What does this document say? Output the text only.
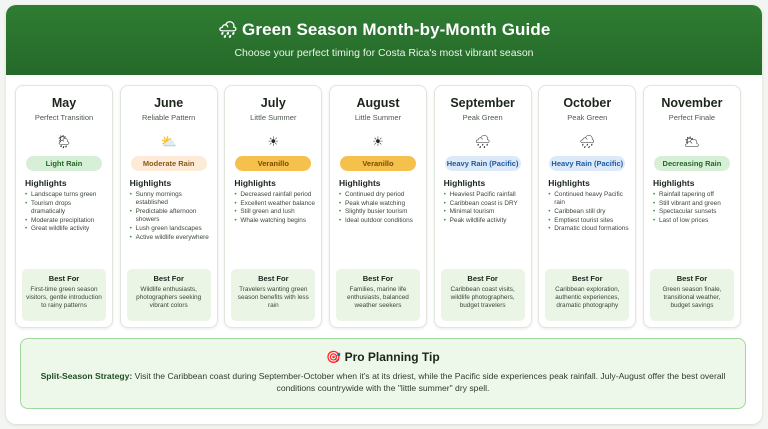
🌧 Green Season Month-by-Month Guide

Choose your perfect timing for Costa Rica's most vibrant season

May
Perfect Transition
🌦
Light Rain
Highlights
• Landscape turns green
• Tourism drops dramatically
• Moderate precipitation
• Great wildlife activity
Best For
First-time green season visitors, gentle introduction to rainy patterns
June
Reliable Pattern
⛅
Moderate Rain
Highlights
• Sunny mornings established
• Predictable afternoon showers
• Lush green landscapes
• Active wildlife everywhere
Best For
Wildlife enthusiasts, photographers seeking vibrant colors
July
Little Summer
☀
Veranillo
Highlights
• Decreased rainfall period
• Excellent weather balance
• Still green and lush
• Whale watching begins
Best For
Travelers wanting green season benefits with less rain
August
Little Summer
☀
Veranillo
Highlights
• Continued dry period
• Peak whale watching
• Slightly busier tourism
• Ideal outdoor conditions
Best For
Families, marine life enthusiasts, balanced weather seekers
September
Peak Green
🌧
Heavy Rain (Pacific)
Highlights
• Heaviest Pacific rainfall
• Caribbean coast is DRY
• Minimal tourism
• Peak wildlife activity
Best For
Caribbean coast visits, wildlife photographers, budget travelers
October
Peak Green
🌧
Heavy Rain (Pacific)
Highlights
• Continued heavy Pacific rain
• Caribbean still dry
• Emptiest tourist sites
• Dramatic cloud formations
Best For
Caribbean exploration, authentic experiences, dramatic photography
November
Perfect Finale
🌥
Decreasing Rain
Highlights
• Rainfall tapering off
• Still vibrant and green
• Spectacular sunsets
• Last of low prices
Best For
Green season finale, transitional weather, budget savings
🎯 Pro Planning Tip

Split-Season Strategy: Visit the Caribbean coast during September-October when it's at its driest, while the Pacific side experiences peak rainfall. July-August offer the best overall conditions countrywide with the "little summer" dry spell.
